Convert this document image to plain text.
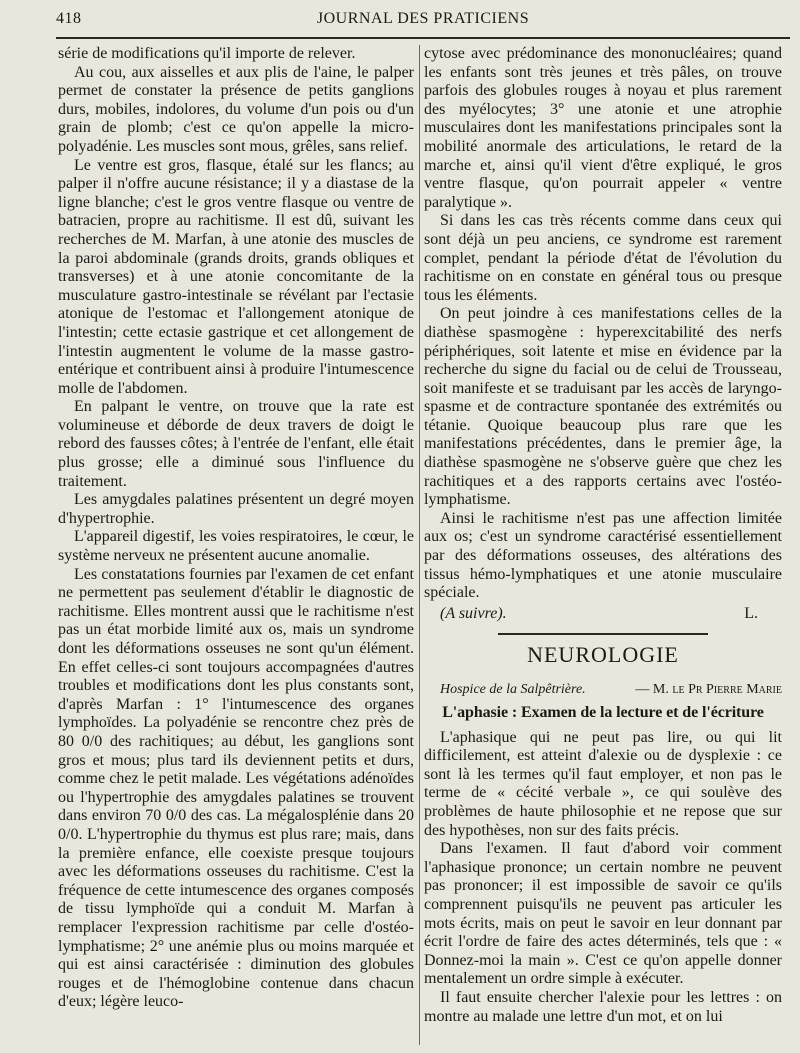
418	JOURNAL DES PRATICIENS

série de modifications qu'il importe de relever.

Au cou, aux aisselles et aux plis de l'aine, le palper permet de constater la présence de petits ganglions durs, mobiles, indolores, du volume d'un pois ou d'un grain de plomb; c'est ce qu'on appelle la micro-polyadénie. Les muscles sont mous, grêles, sans relief.

Le ventre est gros, flasque, étalé sur les flancs; au palper il n'offre aucune résistance; il y a diastase de la ligne blanche; c'est le gros ventre flasque ou ventre de batracien, propre au rachitisme. Il est dû, suivant les recherches de M. Marfan, à une atonie des muscles de la paroi abdominale (grands droits, grands obliques et transverses) et à une atonie concomitante de la musculature gastro-intestinale se révélant par l'ectasie atonique de l'estomac et l'allongement atonique de l'intestin; cette ectasie gastrique et cet allongement de l'intestin augmentent le volume de la masse gastro-entérique et contribuent ainsi à produire l'intumescence molle de l'abdomen.

En palpant le ventre, on trouve que la rate est volumineuse et déborde de deux travers de doigt le rebord des fausses côtes; à l'entrée de l'enfant, elle était plus grosse; elle a diminué sous l'influence du traitement.

Les amygdales palatines présentent un degré moyen d'hypertrophie.

L'appareil digestif, les voies respiratoires, le cœur, le système nerveux ne présentent aucune anomalie.

Les constatations fournies par l'examen de cet enfant ne permettent pas seulement d'établir le diagnostic de rachitisme. Elles montrent aussi que le rachitisme n'est pas un état morbide limité aux os, mais un syndrome dont les déformations osseuses ne sont qu'un élément. En effet celles-ci sont toujours accompagnées d'autres troubles et modifications dont les plus constants sont, d'après Marfan : 1° l'intumescence des organes lymphoïdes. La polyadénie se rencontre chez près de 80 0/0 des rachitiques; au début, les ganglions sont gros et mous; plus tard ils deviennent petits et durs, comme chez le petit malade. Les végétations adénoïdes ou l'hypertrophie des amygdales palatines se trouvent dans environ 70 0/0 des cas. La mégalosplénie dans 20 0/0. L'hypertrophie du thymus est plus rare; mais, dans la première enfance, elle coexiste presque toujours avec les déformations osseuses du rachitisme. C'est la fréquence de cette intumescence des organes composés de tissu lymphoïde qui a conduit M. Marfan à remplacer l'expression rachitisme par celle d'ostéo-lymphatisme; 2° une anémie plus ou moins marquée et qui est ainsi caractérisée : diminution des globules rouges et de l'hémoglobine contenue dans chacun d'eux; légère leuco-

cytose avec prédominance des mononucléaires; quand les enfants sont très jeunes et très pâles, on trouve parfois des globules rouges à noyau et plus rarement des myélocytes; 3° une atonie et une atrophie musculaires dont les manifestations principales sont la mobilité anormale des articulations, le retard de la marche et, ainsi qu'il vient d'être expliqué, le gros ventre flasque, qu'on pourrait appeler « ventre paralytique ».

Si dans les cas très récents comme dans ceux qui sont déjà un peu anciens, ce syndrome est rarement complet, pendant la période d'état de l'évolution du rachitisme on en constate en général tous ou presque tous les éléments.

On peut joindre à ces manifestations celles de la diathèse spasmogène : hyperexcitabilité des nerfs périphériques, soit latente et mise en évidence par la recherche du signe du facial ou de celui de Trousseau, soit manifeste et se traduisant par les accès de laryngo-spasme et de contracture spontanée des extrémités ou tétanie. Quoique beaucoup plus rare que les manifestations précédentes, dans le premier âge, la diathèse spasmogène ne s'observe guère que chez les rachitiques et a des rapports certains avec l'ostéo-lymphatisme.

Ainsi le rachitisme n'est pas une affection limitée aux os; c'est un syndrome caractérisé essentiellement par des déformations osseuses, des altérations des tissus hémo-lymphatiques et une atonie musculaire spéciale.

(A suivre).	L.
NEUROLOGIE
Hospice de la Salpêtrière.	— M. le Pr Pierre Marie
L'aphasie : Examen de la lecture et de l'écriture

L'aphasique qui ne peut pas lire, ou qui lit difficilement, est atteint d'alexie ou de dysplexie : ce sont là les termes qu'il faut employer, et non pas le terme de « cécité verbale », ce qui soulève des problèmes de haute philosophie et ne repose que sur des hypothèses, non sur des faits précis.

Dans l'examen. Il faut d'abord voir comment l'aphasique prononce; un certain nombre ne peuvent pas prononcer; il est impossible de savoir ce qu'ils comprennent puisqu'ils ne peuvent pas articuler les mots écrits, mais on peut le savoir en leur donnant par écrit l'ordre de faire des actes déterminés, tels que : « Donnez-moi la main ». C'est ce qu'on appelle donner mentalement un ordre simple à exécuter.

Il faut ensuite chercher l'alexie pour les lettres : on montre au malade une lettre d'un mot, et on lui
